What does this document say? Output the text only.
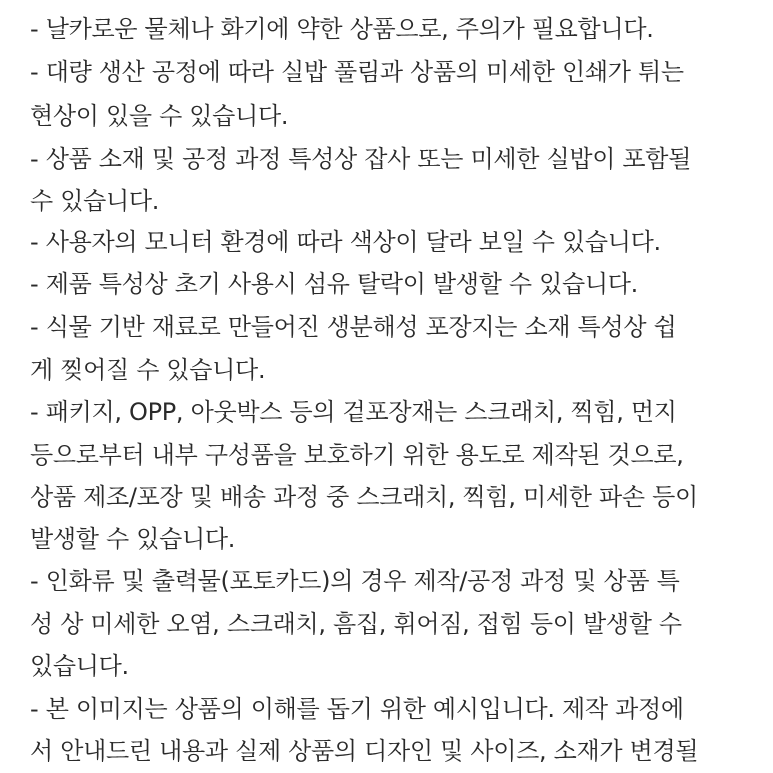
- 날카로운 물체나 화기에 약한 상품으로, 주의가 필요합니다.
- 대량 생산 공정에 따라 실밥 풀림과 상품의 미세한 인쇄가 튀는
현상이 있을 수 있습니다.
- 상품 소재 및 공정 과정 특성상 잡사 또는 미세한 실밥이 포함될
수 있습니다.
- 사용자의 모니터 환경에 따라 색상이 달라 보일 수 있습니다.
- 제품 특성상 초기 사용시 섬유 탈락이 발생할 수 있습니다.
- 식물 기반 재료로 만들어진 생분해성 포장지는 소재 특성상 쉽
게 찢어질 수 있습니다.
- 패키지, OPP, 아웃박스 등의 겉포장재는 스크래치, 찍힘, 먼지
등으로부터 내부 구성품을 보호하기 위한 용도로 제작된 것으로,
상품 제조/포장 및 배송 과정 중 스크래치, 찍힘, 미세한 파손 등이
발생할 수 있습니다.
- 인화류 및 출력물(포토카드)의 경우 제작/공정 과정 및 상품 특
성 상 미세한 오염, 스크래치, 흠집, 휘어짐, 접힘 등이 발생할 수
있습니다.
- 본 이미지는 상품의 이해를 돕기 위한 예시입니다. 제작 과정에
서 안내드린 내용과 실제 상품의 디자인 및 사이즈, 소재가 변경될
